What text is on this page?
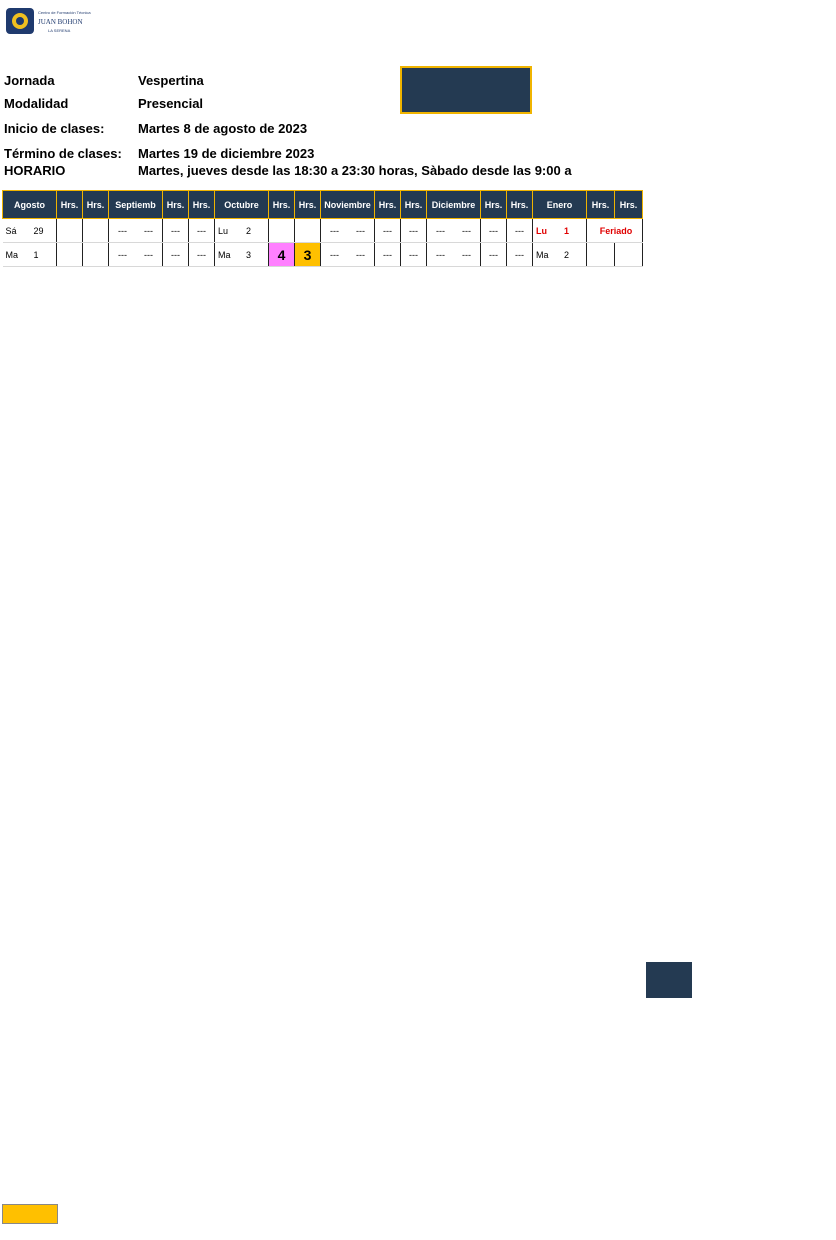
Centro de Formación Técnica
JUAN BOHON
LA SERENA
Jornada	Vespertina
Modalidad	Presencial
Inicio de clases:	Martes 8 de agosto de 2023
Término de clases: Martes 19 de diciembre 2023
HORARIO	Martes, jueves desde las 18:30 a 23:30 horas, Sàbado desde las 9:00 a
Agosto	Hrs.	Hrs.	Septiemb	Hrs.	Hrs.	Octubre	Hrs.	Hrs.	Noviembre	Hrs.	Hrs.	Diciembre	Hrs.	Hrs.	Enero	Hrs.	Hrs.
Sá 29			--- ---	---	---	Lu 2			--- ---	---	---	--- ---	---	---	Lu 1	Feriado	
Ma 1			--- ---	---	---	Ma 3	4	3	--- ---	---	---	--- ---	---	---	Ma 2		
